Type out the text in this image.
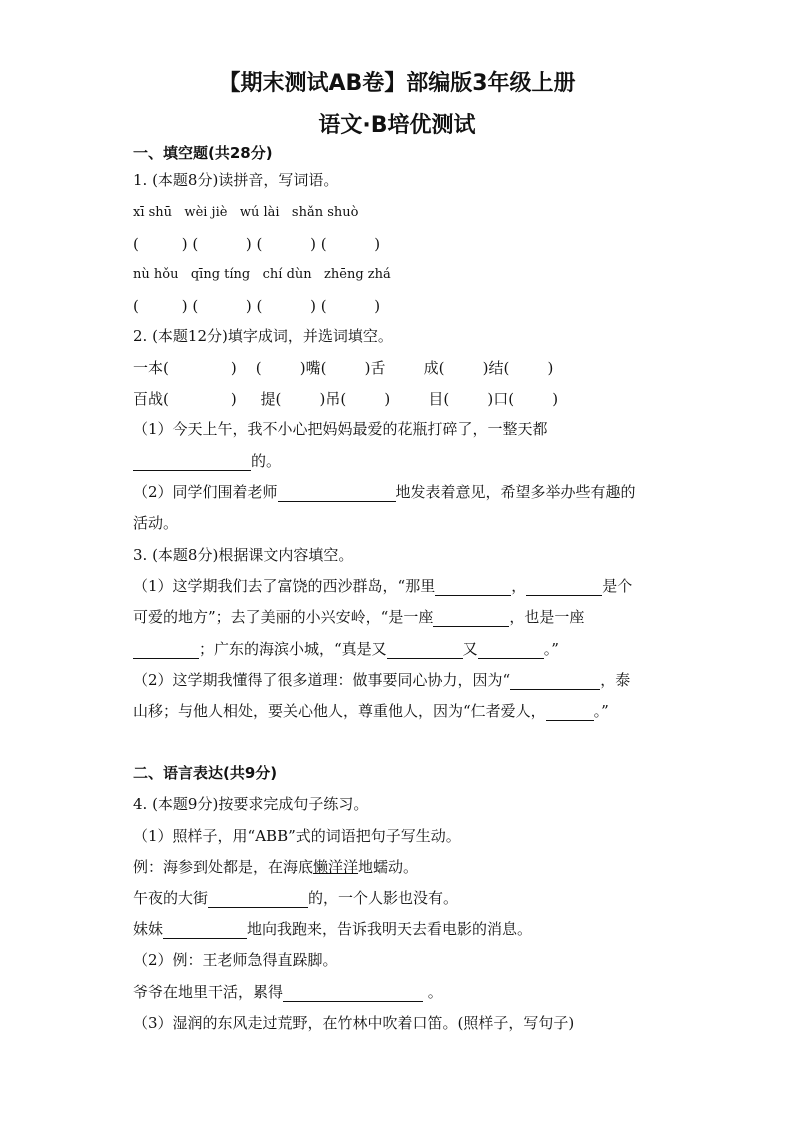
【期末测试AB卷】部编版3年级上册
语文·B培优测试
一、填空题(共28分)
1. (本题8分)读拼音，写词语。
xī shū   wèi jiè   wú lài   shǎn shuò
(         ) (          ) (          ) (          )
nù hǒu   qīng tíng   chí dùn   zhēng zhá
(         ) (          ) (          ) (          )
2. (本题12分)填字成词，并选词填空。
一本(             )    (        )嘴(        )舌        成(        )结(        )
百战(             )     提(        )吊(        )        目(        )口(        )
（1）今天上午，我不小心把妈妈最爱的花瓶打碎了，一整天都
的。
（2）同学们围着老师	地发表着意见，希望多举办些有趣的
活动。
3. (本题8分)根据课文内容填空。
（1）这学期我们去了富饶的西沙群岛，“那里	，	是个
可爱的地方”；去了美丽的小兴安岭，“是一座	，也是一座
；广东的海滨小城，“真是又	又	。”
（2）这学期我懂得了很多道理：做事要同心协力，因为“	，泰
山移；与他人相处，要关心他人，尊重他人，因为“仁者爱人，	。”
二、语言表达(共9分)
4. (本题9分)按要求完成句子练习。
（1）照样子，用“ABB”式的词语把句子写生动。
例：海参到处都是，在海底懒洋洋地蠕动。
午夜的大街	的，一个人影也没有。
妹妹	地向我跑来，告诉我明天去看电影的消息。
（2）例：王老师急得直跺脚。
爷爷在地里干活，累得	。
（3）湿润的东风走过荒野，在竹林中吹着口笛。(照样子，写句子)
